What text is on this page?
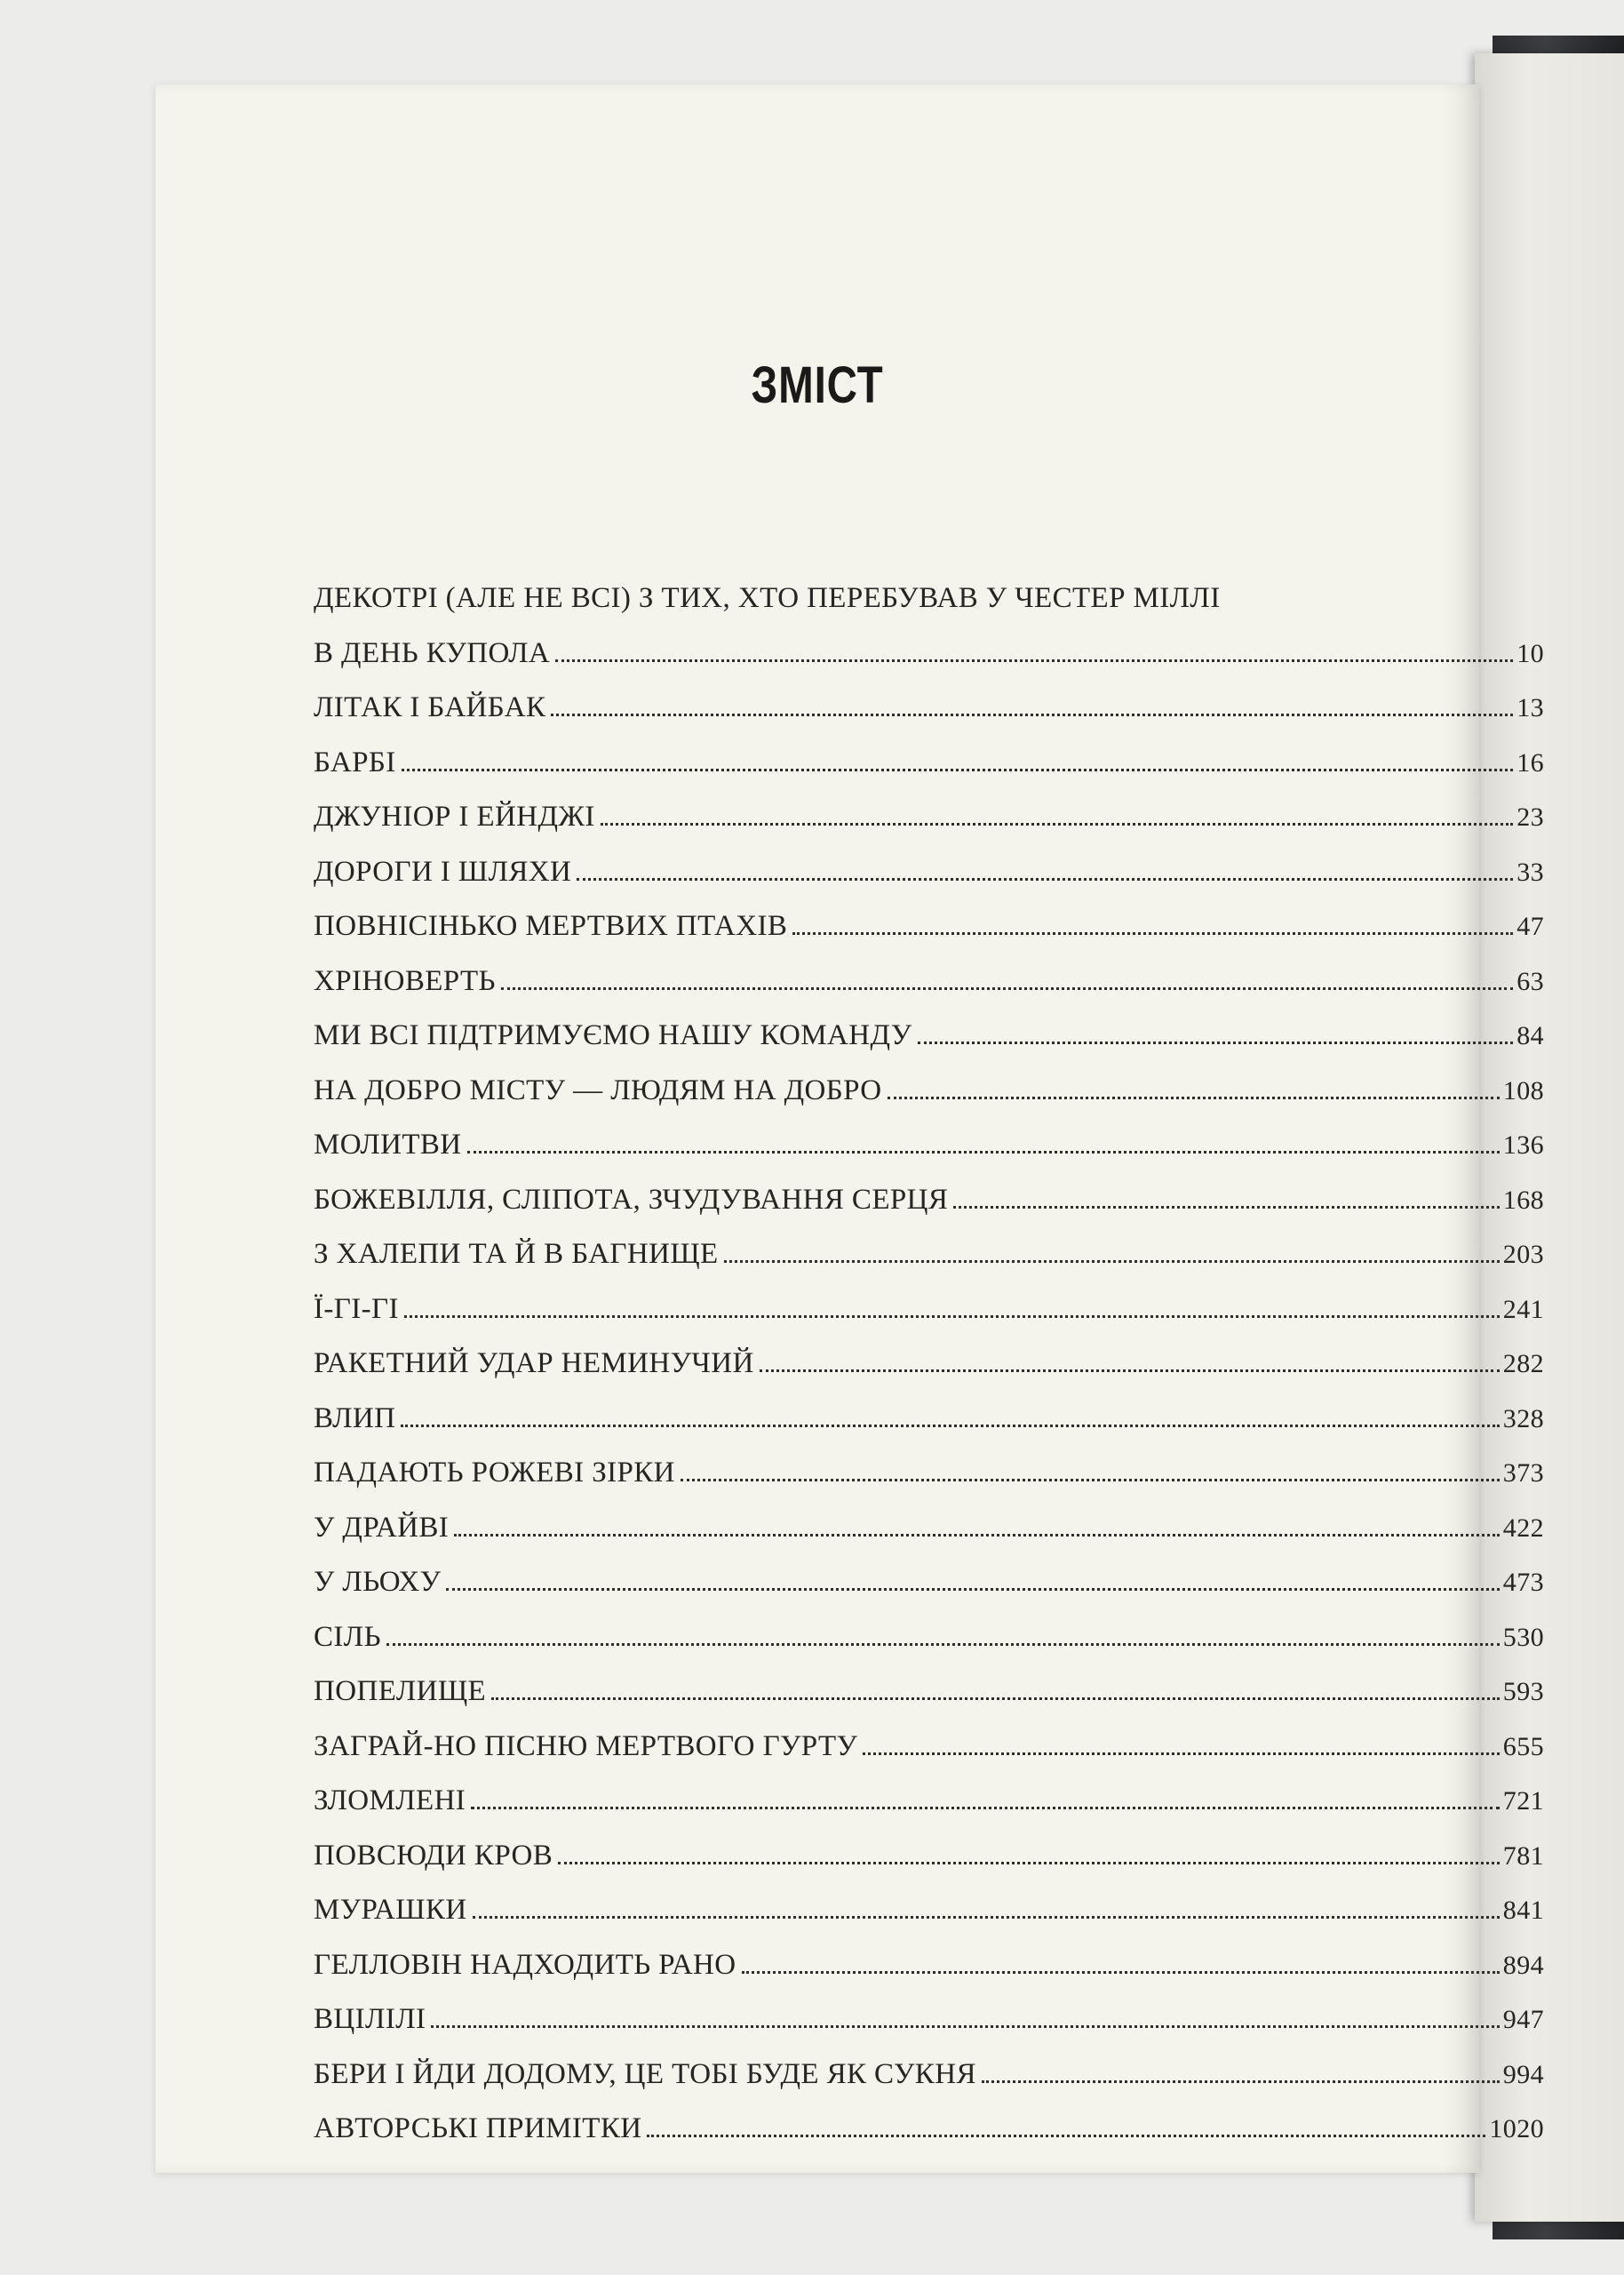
ЗМІСТ
ДЕКОТРІ (АЛЕ НЕ ВСІ) З ТИХ, ХТО ПЕРЕБУВАВ У ЧЕСТЕР МІЛЛІ
В ДЕНЬ КУПОЛА	10
ЛІТАК І БАЙБАК	13
БАРБІ	16
ДЖУНІОР І ЕЙНДЖІ	23
ДОРОГИ І ШЛЯХИ	33
ПОВНІСІНЬКО МЕРТВИХ ПТАХІВ	47
ХРІНОВЕРТЬ	63
МИ ВСІ ПІДТРИМУЄМО НАШУ КОМАНДУ	84
НА ДОБРО МІСТУ — ЛЮДЯМ НА ДОБРО	108
МОЛИТВИ	136
БОЖЕВІЛЛЯ, СЛІПОТА, ЗЧУДУВАННЯ СЕРЦЯ	168
З ХАЛЕПИ ТА Й В БАГНИЩЕ	203
Ї-ГІ-ГІ	241
РАКЕТНИЙ УДАР НЕМИНУЧИЙ	282
ВЛИП	328
ПАДАЮТЬ РОЖЕВІ ЗІРКИ	373
У ДРАЙВІ	422
У ЛЬОХУ	473
СІЛЬ	530
ПОПЕЛИЩЕ	593
ЗАГРАЙ-НО ПІСНЮ МЕРТВОГО ГУРТУ	655
ЗЛОМЛЕНІ	721
ПОВСЮДИ КРОВ	781
МУРАШКИ	841
ГЕЛЛОВІН НАДХОДИТЬ РАНО	894
ВЦІЛІЛІ	947
БЕРИ І ЙДИ ДОДОМУ, ЦЕ ТОБІ БУДЕ ЯК СУКНЯ	994
АВТОРСЬКІ ПРИМІТКИ	1020
